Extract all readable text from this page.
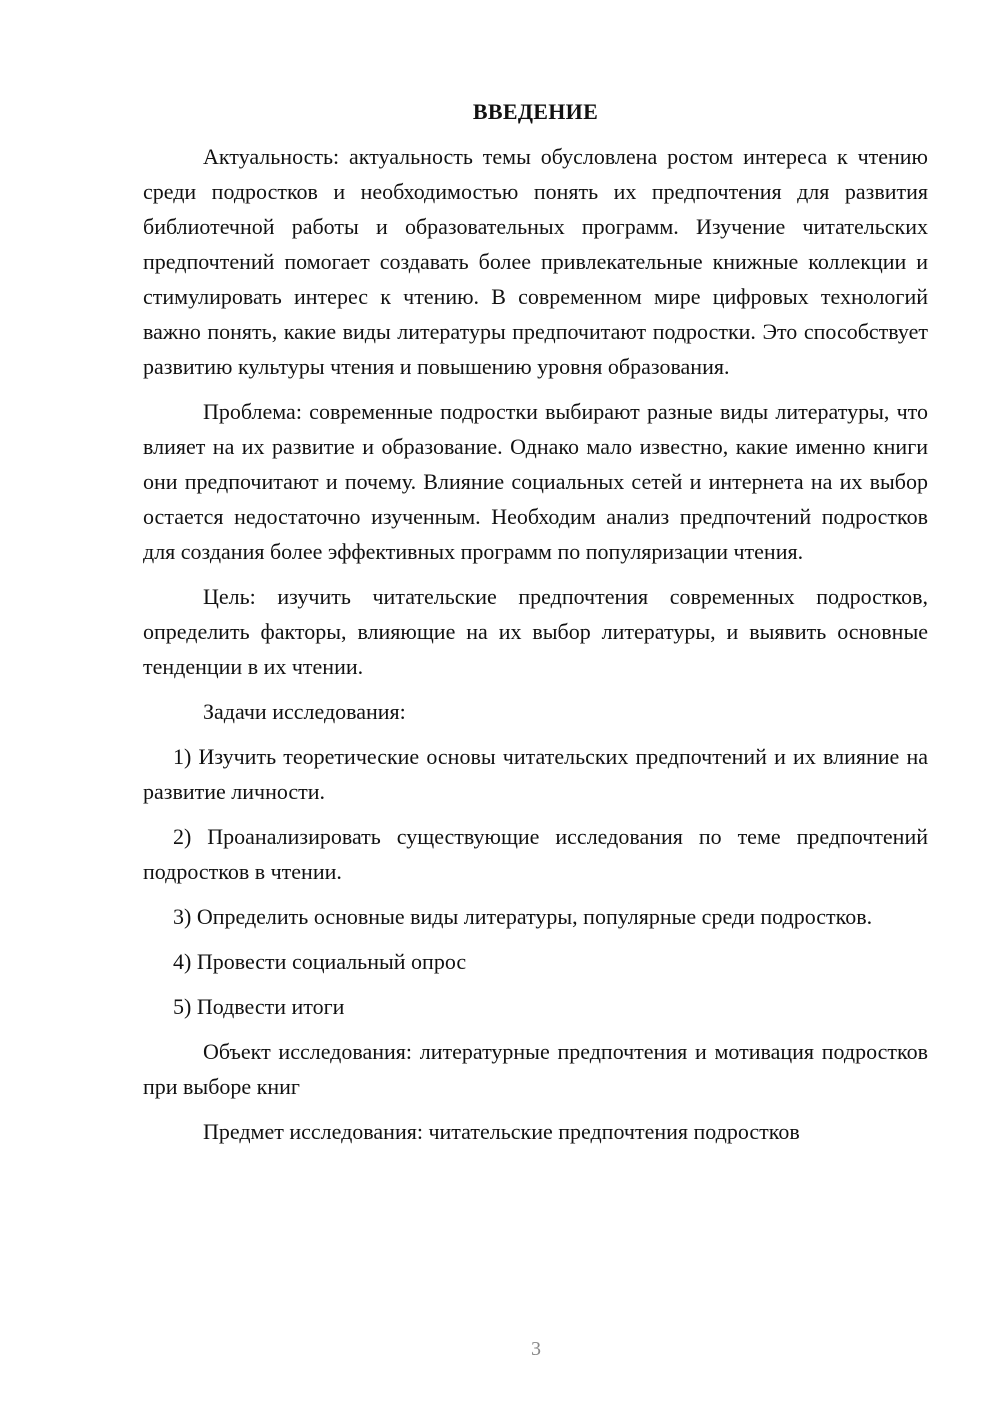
ВВЕДЕНИЕ

Актуальность: актуальность темы обусловлена ростом интереса к чтению среди подростков и необходимостью понять их предпочтения для развития библиотечной работы и образовательных программ. Изучение читательских предпочтений помогает создавать более привлекательные книжные коллекции и стимулировать интерес к чтению. В современном мире цифровых технологий важно понять, какие виды литературы предпочитают подростки. Это способствует развитию культуры чтения и повышению уровня образования.

Проблема: современные подростки выбирают разные виды литературы, что влияет на их развитие и образование. Однако мало известно, какие именно книги они предпочитают и почему. Влияние социальных сетей и интернета на их выбор остается недостаточно изученным. Необходим анализ предпочтений подростков для создания более эффективных программ по популяризации чтения.

Цель: изучить читательские предпочтения современных подростков, определить факторы, влияющие на их выбор литературы, и выявить основные тенденции в их чтении.

Задачи исследования:

1) Изучить теоретические основы читательских предпочтений и их влияние на развитие личности.

2) Проанализировать существующие исследования по теме предпочтений подростков в чтении.

3) Определить основные виды литературы, популярные среди подростков.

4) Провести социальный опрос

5) Подвести итоги

Объект исследования: литературные предпочтения и мотивация подростков при выборе книг

Предмет исследования: читательские предпочтения подростков

3
